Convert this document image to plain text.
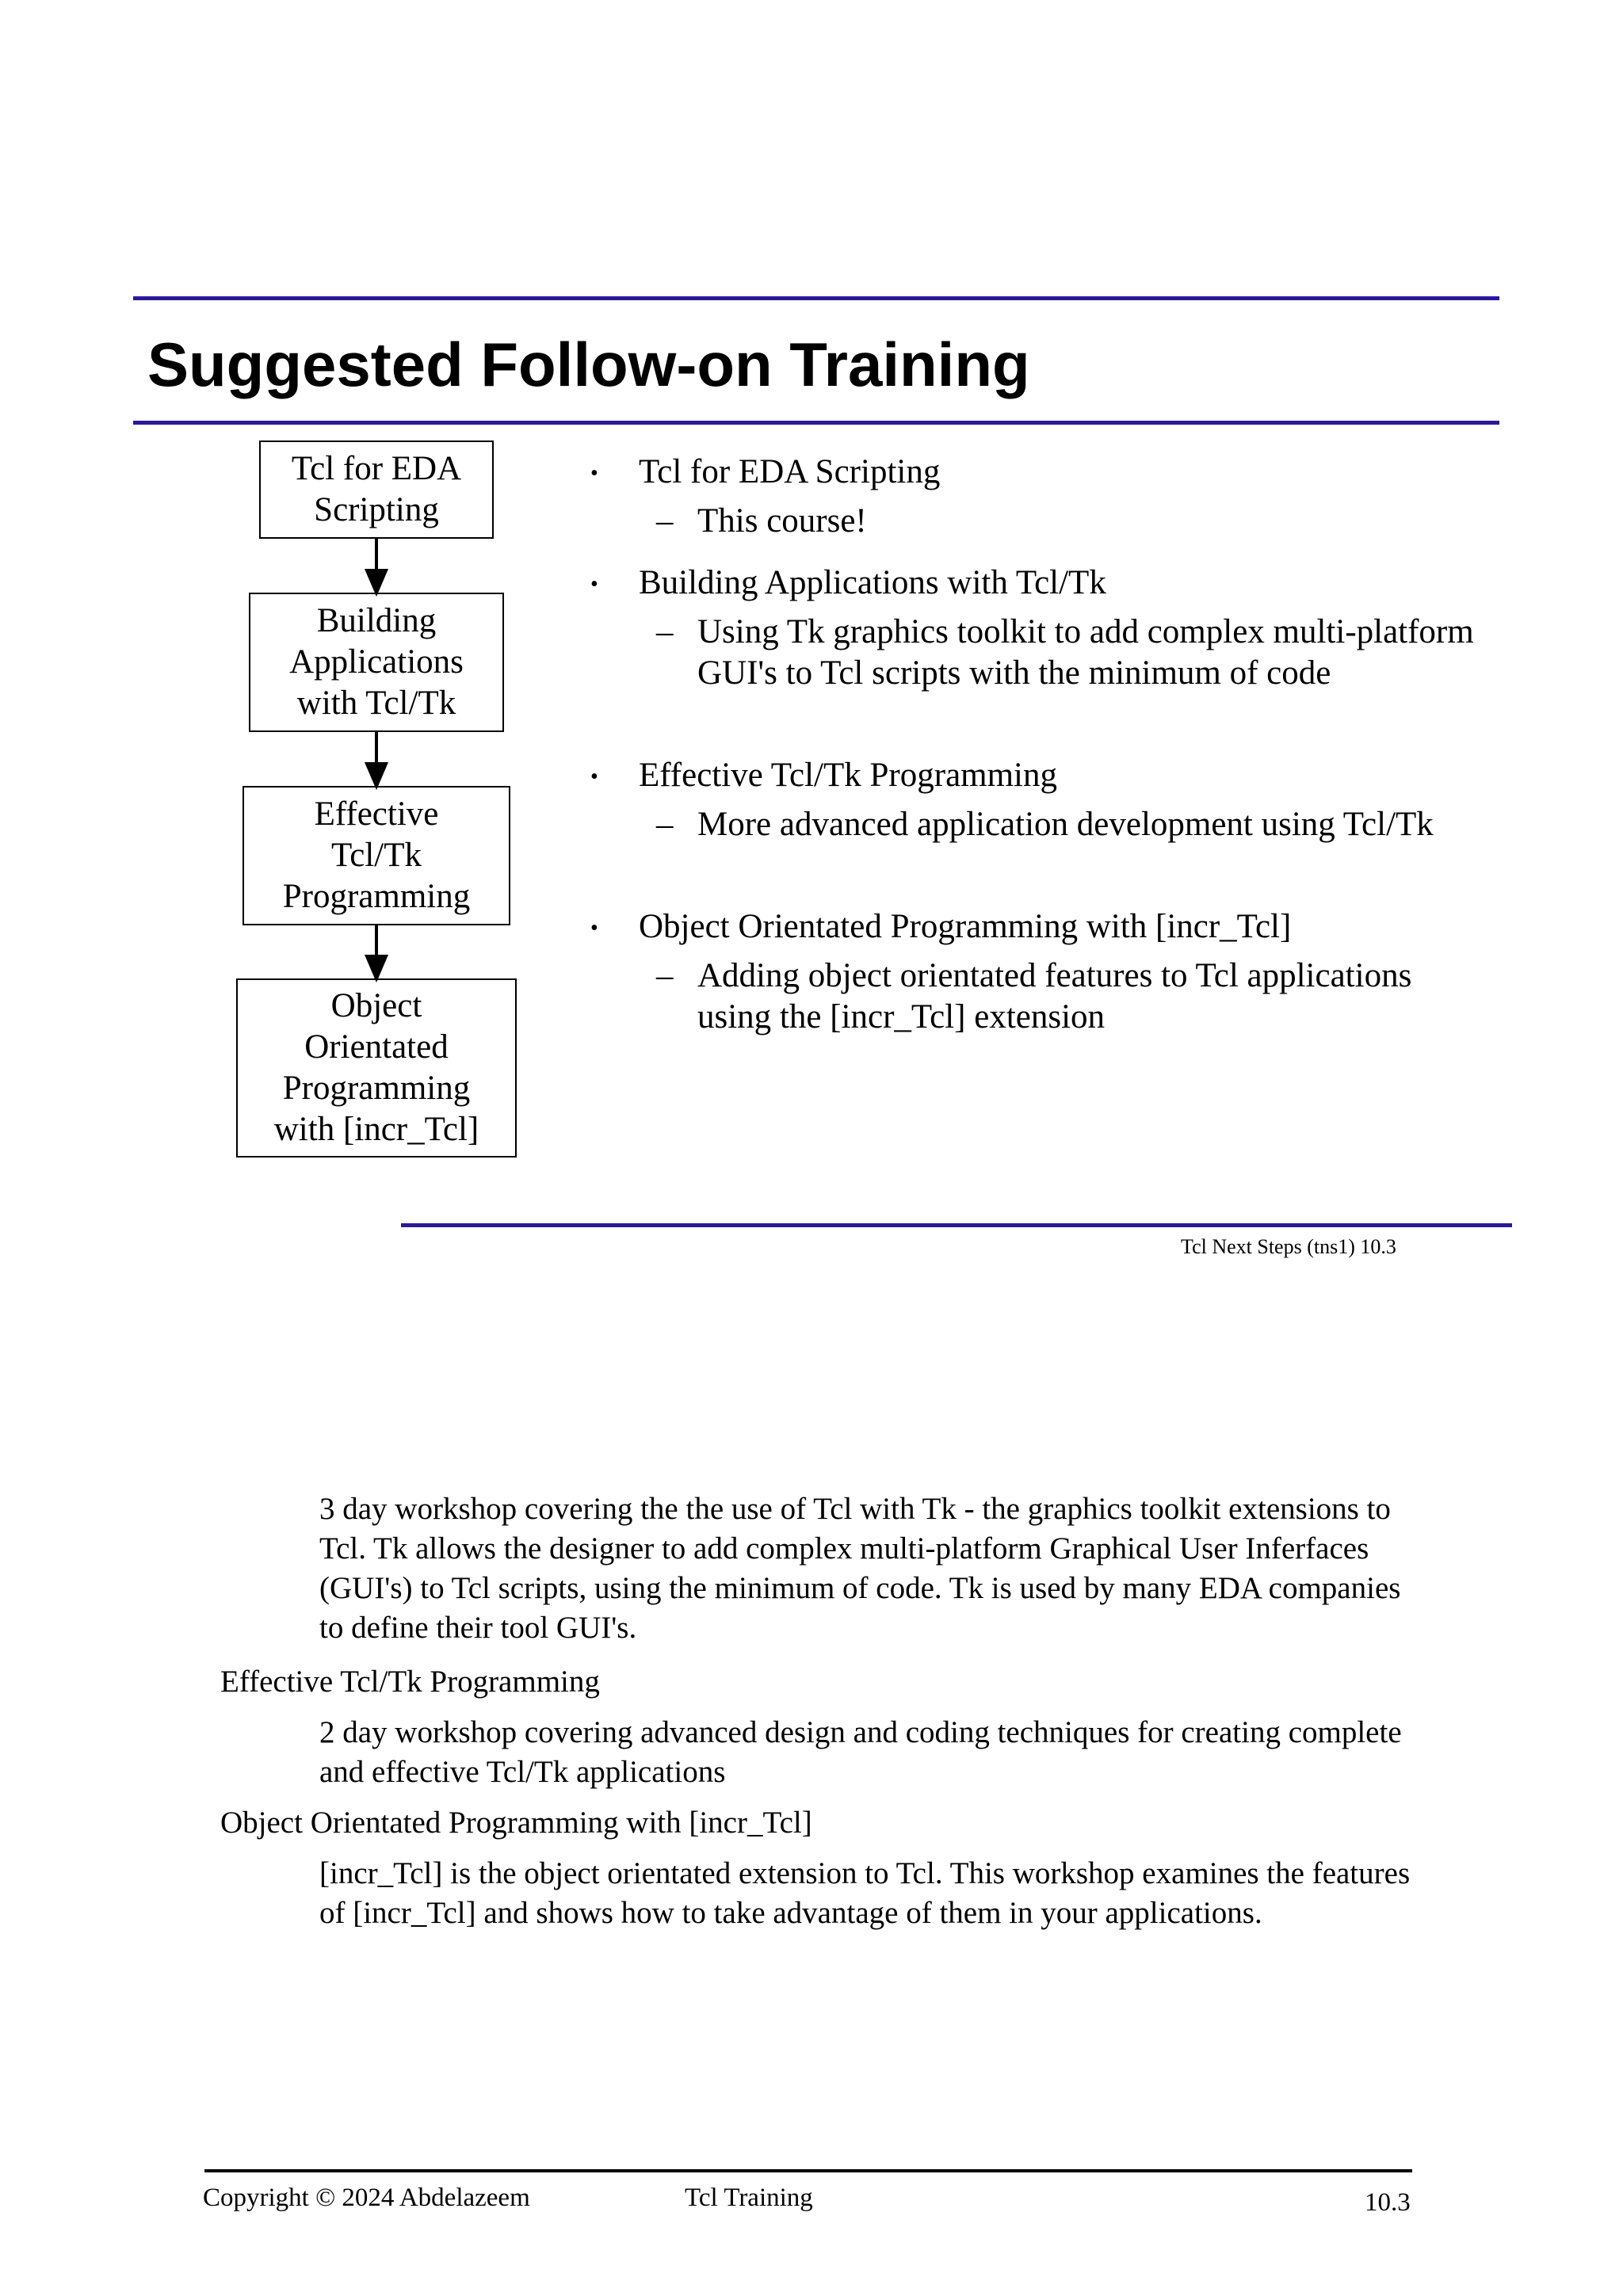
Suggested Follow-on Training
Tcl for EDA
Scripting
Building
Applications
with Tcl/Tk
Effective
Tcl/Tk
Programming
Object
Orientated
Programming
with [incr_Tcl]
• Tcl for EDA Scripting
– This course!
• Building Applications with Tcl/Tk
– Using Tk graphics toolkit to add complex multi-platform GUI's to Tcl scripts with the minimum of code
• Effective Tcl/Tk Programming
– More advanced application development using Tcl/Tk
• Object Orientated Programming with [incr_Tcl]
– Adding object orientated features to Tcl applications using the [incr_Tcl] extension
Tcl Next Steps (tns1) 10.3
3 day workshop covering the the use of Tcl with Tk - the graphics toolkit extensions to Tcl. Tk allows the designer to add complex multi-platform Graphical User Inferfaces (GUI's) to Tcl scripts, using the minimum of code. Tk is used by many EDA companies to define their tool GUI's.
Effective Tcl/Tk Programming
2 day workshop covering advanced design and coding techniques for creating complete and effective Tcl/Tk applications
Object Orientated Programming with [incr_Tcl]
[incr_Tcl] is the object orientated extension to Tcl. This workshop examines the features of [incr_Tcl] and shows how to take advantage of them in your applications.
Copyright © 2024 Abdelazeem	Tcl Training	10.3
